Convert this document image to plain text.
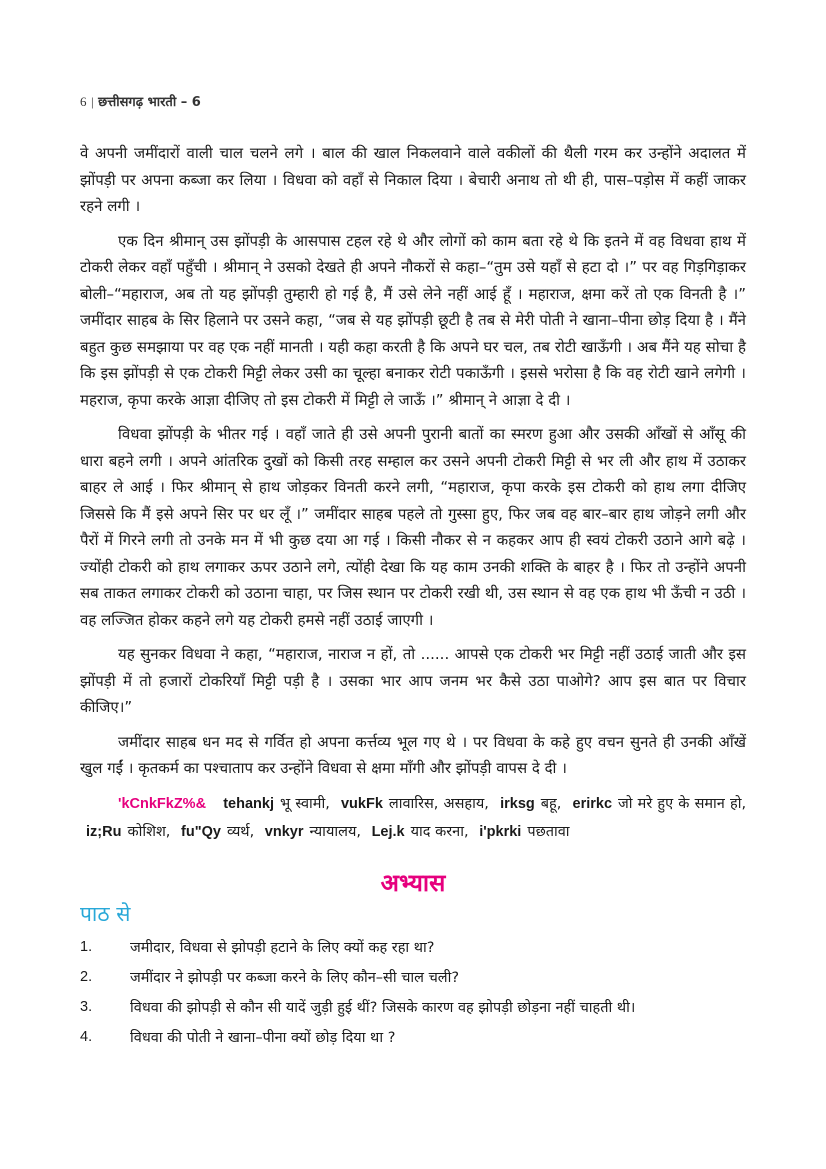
6 | छत्तीसगढ़ भारती – 6

वे अपनी जमींदारों वाली चाल चलने लगे । बाल की खाल निकलवाने वाले वकीलों की थैली गरम कर उन्होंने अदालत में झोंपड़ी पर अपना कब्जा कर लिया । विधवा को वहाँ से निकाल दिया । बेचारी अनाथ तो थी ही, पास–पड़ोस में कहीं जाकर रहने लगी ।

एक दिन श्रीमान् उस झोंपड़ी के आसपास टहल रहे थे और लोगों को काम बता रहे थे कि इतने में वह विधवा हाथ में टोकरी लेकर वहाँ पहुँची । श्रीमान् ने उसको देखते ही अपने नौकरों से कहा–“तुम उसे यहाँ से हटा दो ।” पर वह गिड़गिड़ाकर बोली–“महाराज, अब तो यह झोंपड़ी तुम्हारी हो गई है, मैं उसे लेने नहीं आई हूँ । महाराज, क्षमा करें तो एक विनती है ।” जमींदार साहब के सिर हिलाने पर उसने कहा, “जब से यह झोंपड़ी छूटी है तब से मेरी पोती ने खाना–पीना छोड़ दिया है । मैंने बहुत कुछ समझाया पर वह एक नहीं मानती । यही कहा करती है कि अपने घर चल, तब रोटी खाऊँगी । अब मैंने यह सोचा है कि इस झोंपड़ी से एक टोकरी मिट्टी लेकर उसी का चूल्हा बनाकर रोटी पकाऊँगी । इससे भरोसा है कि वह रोटी खाने लगेगी । महराज, कृपा करके आज्ञा दीजिए तो इस टोकरी में मिट्टी ले जाऊँ ।” श्रीमान् ने आज्ञा दे दी ।

विधवा झोंपड़ी के भीतर गई । वहाँ जाते ही उसे अपनी पुरानी बातों का स्मरण हुआ और उसकी आँखों से आँसू की धारा बहने लगी । अपने आंतरिक दुखों को किसी तरह सम्हाल कर उसने अपनी टोकरी मिट्टी से भर ली और हाथ में उठाकर बाहर ले आई । फिर श्रीमान् से हाथ जोड़कर विनती करने लगी, “महाराज, कृपा करके इस टोकरी को हाथ लगा दीजिए जिससे कि मैं इसे अपने सिर पर धर लूँ ।” जमींदार साहब पहले तो गुस्सा हुए, फिर जब वह बार–बार हाथ जोड़ने लगी और पैरों में गिरने लगी तो उनके मन में भी कुछ दया आ गई । किसी नौकर से न कहकर आप ही स्वयं टोकरी उठाने आगे बढ़े । ज्योंही टोकरी को हाथ लगाकर ऊपर उठाने लगे, त्योंही देखा कि यह काम उनकी शक्ति के बाहर है । फिर तो उन्होंने अपनी सब ताकत लगाकर टोकरी को उठाना चाहा, पर जिस स्थान पर टोकरी रखी थी, उस स्थान से वह एक हाथ भी ऊँची न उठी । वह लज्जित होकर कहने लगे यह टोकरी हमसे नहीं उठाई जाएगी ।

यह सुनकर विधवा ने कहा, “महाराज, नाराज न हों, तो ...... आपसे एक टोकरी भर मिट्टी नहीं उठाई जाती और इस झोंपड़ी में तो हजारों टोकरियाँ मिट्टी पड़ी है । उसका भार आप जनम भर कैसे उठा पाओगे? आप इस बात पर विचार कीजिए।”

जमींदार साहब धन मद से गर्वित हो अपना कर्त्तव्य भूल गए थे । पर विधवा के कहे हुए वचन सुनते ही उनकी आँखें खुल गईं । कृतकर्म का पश्चाताप कर उन्होंने विधवा से क्षमा माँगी और झोंपड़ी वापस दे दी ।

'kCnkFkZ%& tehankj भू स्वामी, vukFk लावारिस, असहाय, irksg बहू, erirkc जो मरे हुए के समान हो, iz;Ru कोशिश, fu"Qy व्यर्थ, vnkyr न्यायालय, Lej.k याद करना, i'pkrki पछतावा

अभ्यास
पाठ से
1.	जमीदार, विधवा से झोपड़ी हटाने के लिए क्यों कह रहा था?
2.	जमींदार ने झोपड़ी पर कब्जा करने के लिए कौन–सी चाल चली?
3.	विधवा की झोपड़ी से कौन सी यादें जुड़ी हुई थीं? जिसके कारण वह झोपड़ी छोड़ना नहीं चाहती थी।
4.	विधवा की पोती ने खाना–पीना क्यों छोड़ दिया था ?
